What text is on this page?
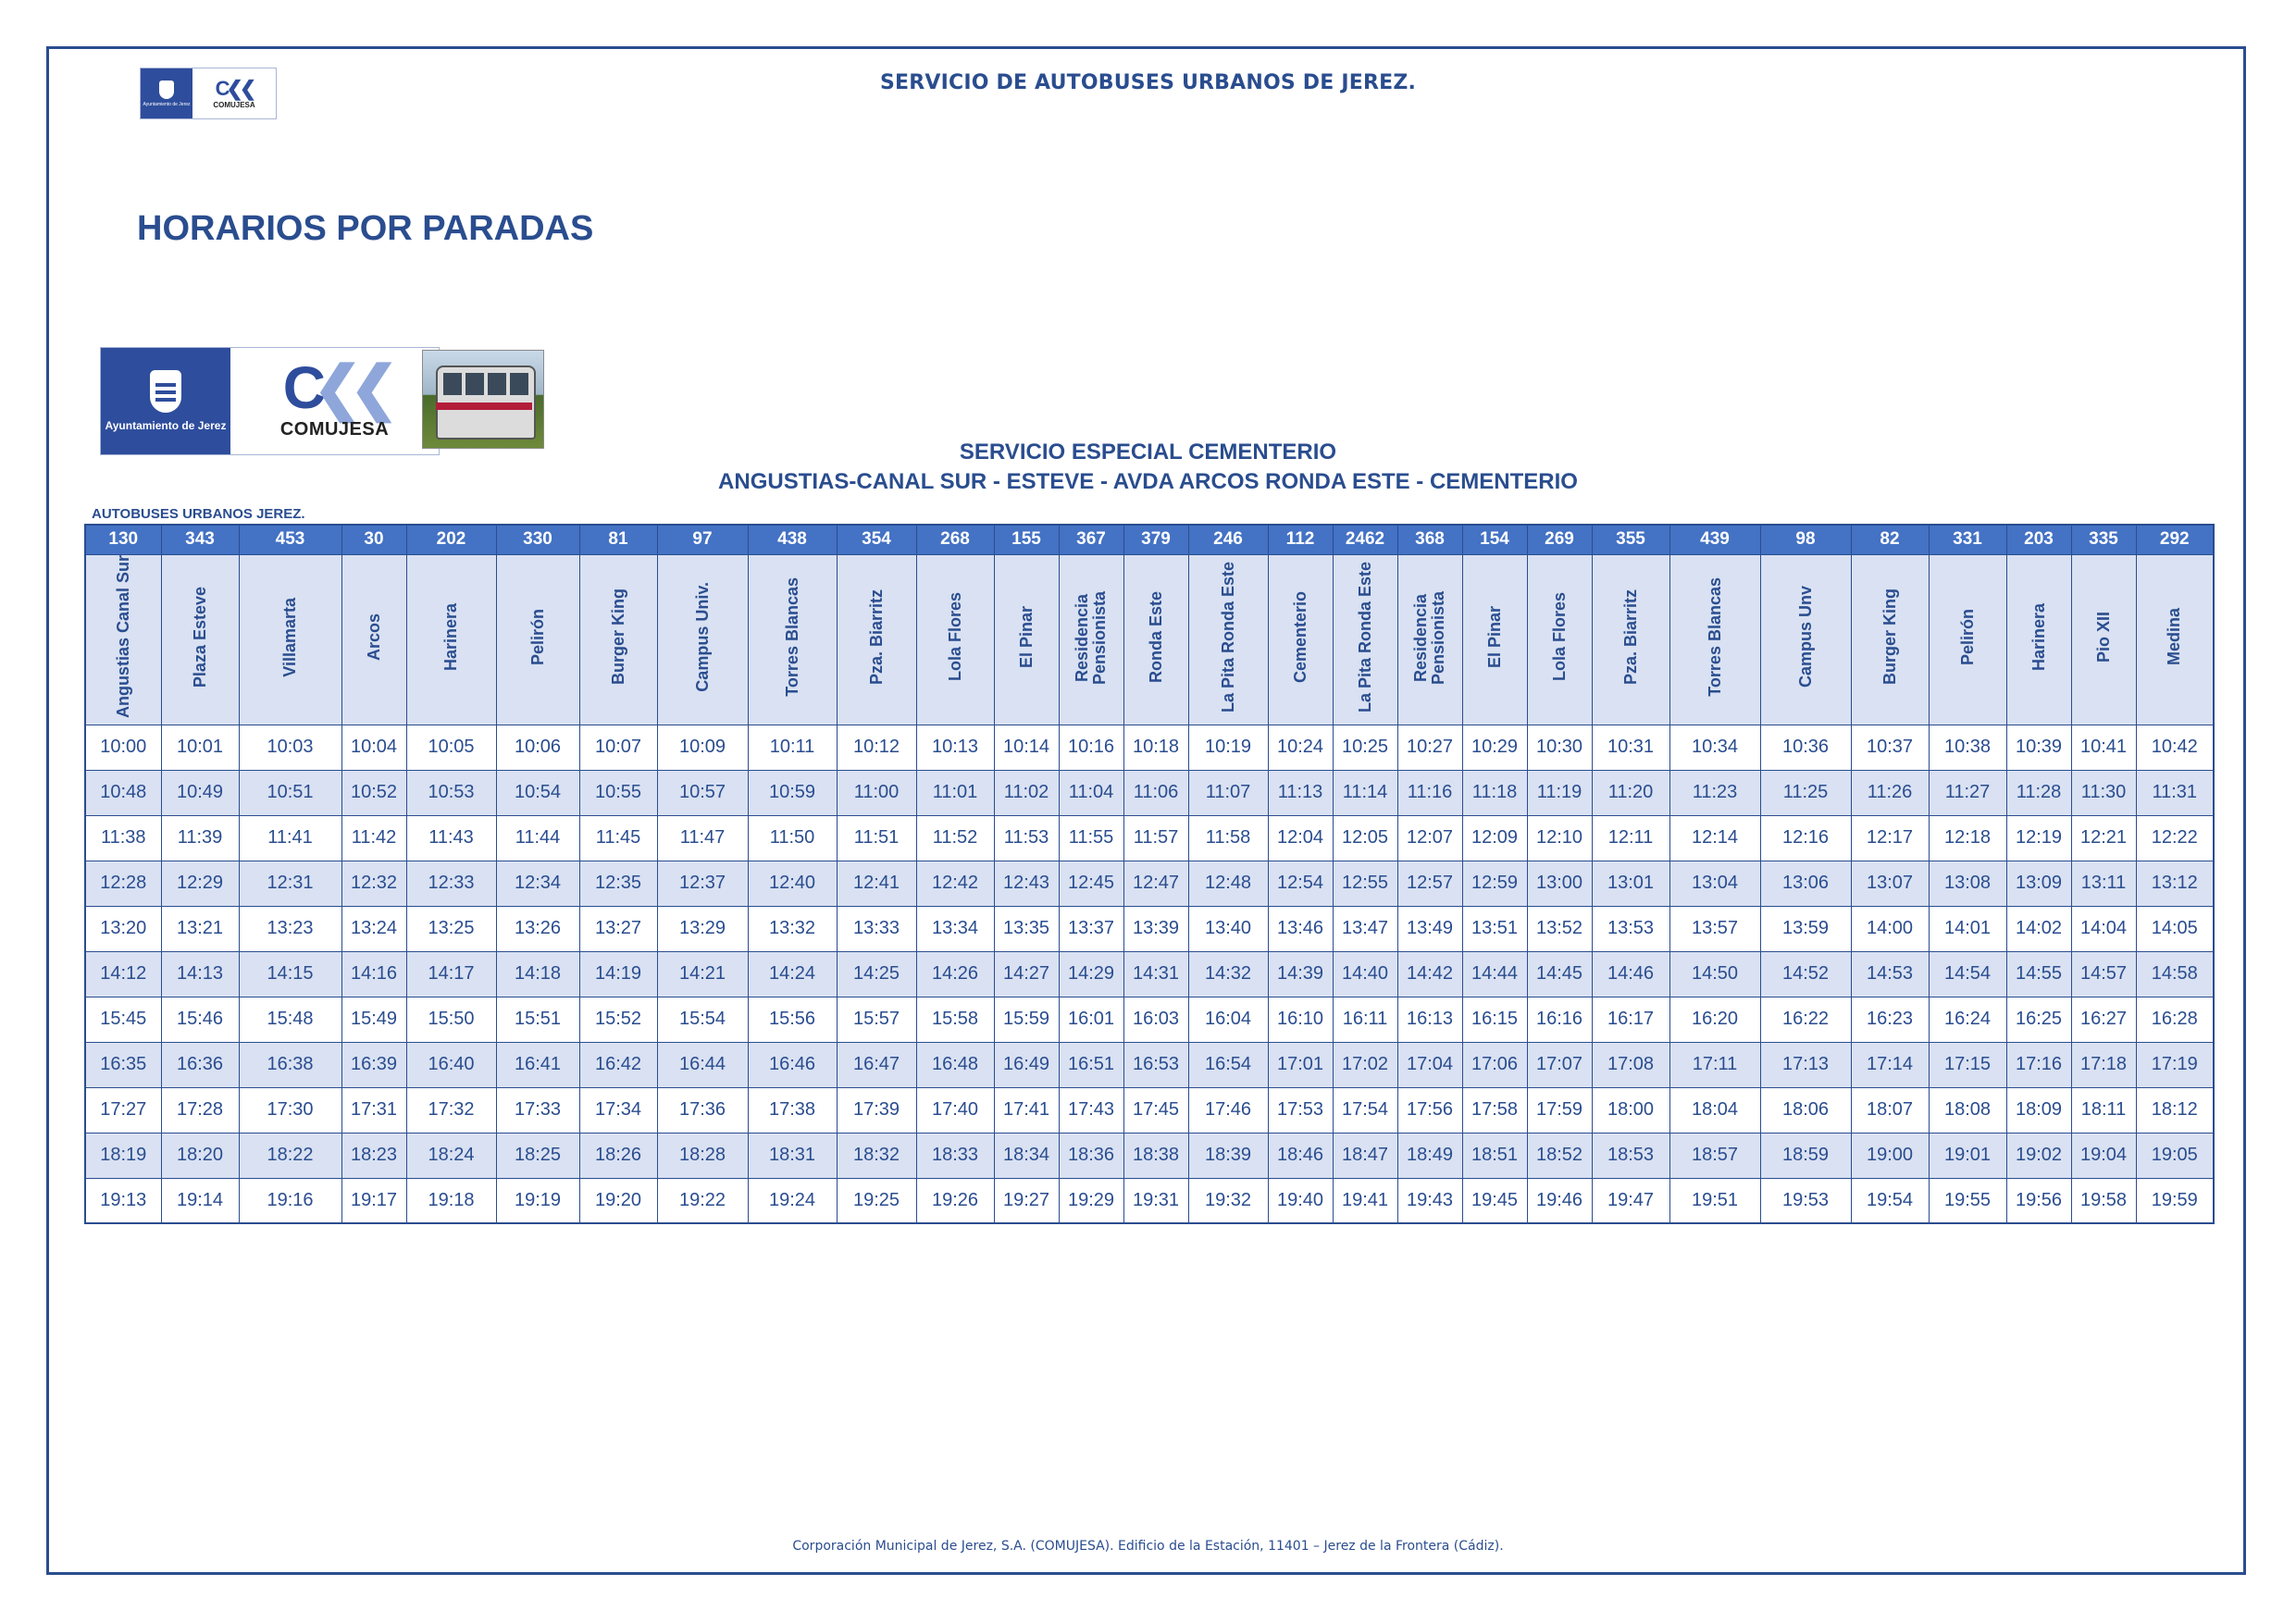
Ayuntamiento de Jerez
C❮❮
COMUJESA
SERVICIO DE AUTOBUSES URBANOS DE JEREZ.
HORARIOS POR PARADAS
Ayuntamiento de Jerez
C❮❮
COMUJESA
SERVICIO ESPECIAL CEMENTERIO
ANGUSTIAS-CANAL SUR - ESTEVE - AVDA ARCOS RONDA ESTE - CEMENTERIO
AUTOBUSES URBANOS JEREZ.
130	343	453	30	202	330	81	97	438	354	268	155	367	379	246	112	2462	368	154	269	355	439	98	82	331	203	335	292
Angustias Canal Sur	Plaza Esteve	Villamarta	Arcos	Harinera	Pelirón	Burger King	Campus Univ.	Torres Blancas	Pza. Biarritz	Lola Flores	El Pinar	Residencia Pensionista	Ronda Este	La Pita Ronda Este	Cementerio	La Pita Ronda Este	Residencia Pensionista	El Pinar	Lola Flores	Pza. Biarritz	Torres Blancas	Campus Unv	Burger King	Pelirón	Harinera	Pio XII	Medina
10:00	10:01	10:03	10:04	10:05	10:06	10:07	10:09	10:11	10:12	10:13	10:14	10:16	10:18	10:19	10:24	10:25	10:27	10:29	10:30	10:31	10:34	10:36	10:37	10:38	10:39	10:41	10:42
10:48	10:49	10:51	10:52	10:53	10:54	10:55	10:57	10:59	11:00	11:01	11:02	11:04	11:06	11:07	11:13	11:14	11:16	11:18	11:19	11:20	11:23	11:25	11:26	11:27	11:28	11:30	11:31
11:38	11:39	11:41	11:42	11:43	11:44	11:45	11:47	11:50	11:51	11:52	11:53	11:55	11:57	11:58	12:04	12:05	12:07	12:09	12:10	12:11	12:14	12:16	12:17	12:18	12:19	12:21	12:22
12:28	12:29	12:31	12:32	12:33	12:34	12:35	12:37	12:40	12:41	12:42	12:43	12:45	12:47	12:48	12:54	12:55	12:57	12:59	13:00	13:01	13:04	13:06	13:07	13:08	13:09	13:11	13:12
13:20	13:21	13:23	13:24	13:25	13:26	13:27	13:29	13:32	13:33	13:34	13:35	13:37	13:39	13:40	13:46	13:47	13:49	13:51	13:52	13:53	13:57	13:59	14:00	14:01	14:02	14:04	14:05
14:12	14:13	14:15	14:16	14:17	14:18	14:19	14:21	14:24	14:25	14:26	14:27	14:29	14:31	14:32	14:39	14:40	14:42	14:44	14:45	14:46	14:50	14:52	14:53	14:54	14:55	14:57	14:58
15:45	15:46	15:48	15:49	15:50	15:51	15:52	15:54	15:56	15:57	15:58	15:59	16:01	16:03	16:04	16:10	16:11	16:13	16:15	16:16	16:17	16:20	16:22	16:23	16:24	16:25	16:27	16:28
16:35	16:36	16:38	16:39	16:40	16:41	16:42	16:44	16:46	16:47	16:48	16:49	16:51	16:53	16:54	17:01	17:02	17:04	17:06	17:07	17:08	17:11	17:13	17:14	17:15	17:16	17:18	17:19
17:27	17:28	17:30	17:31	17:32	17:33	17:34	17:36	17:38	17:39	17:40	17:41	17:43	17:45	17:46	17:53	17:54	17:56	17:58	17:59	18:00	18:04	18:06	18:07	18:08	18:09	18:11	18:12
18:19	18:20	18:22	18:23	18:24	18:25	18:26	18:28	18:31	18:32	18:33	18:34	18:36	18:38	18:39	18:46	18:47	18:49	18:51	18:52	18:53	18:57	18:59	19:00	19:01	19:02	19:04	19:05
19:13	19:14	19:16	19:17	19:18	19:19	19:20	19:22	19:24	19:25	19:26	19:27	19:29	19:31	19:32	19:40	19:41	19:43	19:45	19:46	19:47	19:51	19:53	19:54	19:55	19:56	19:58	19:59
Corporación Municipal de Jerez, S.A. (COMUJESA). Edificio de la Estación, 11401 – Jerez de la Frontera (Cádiz).
